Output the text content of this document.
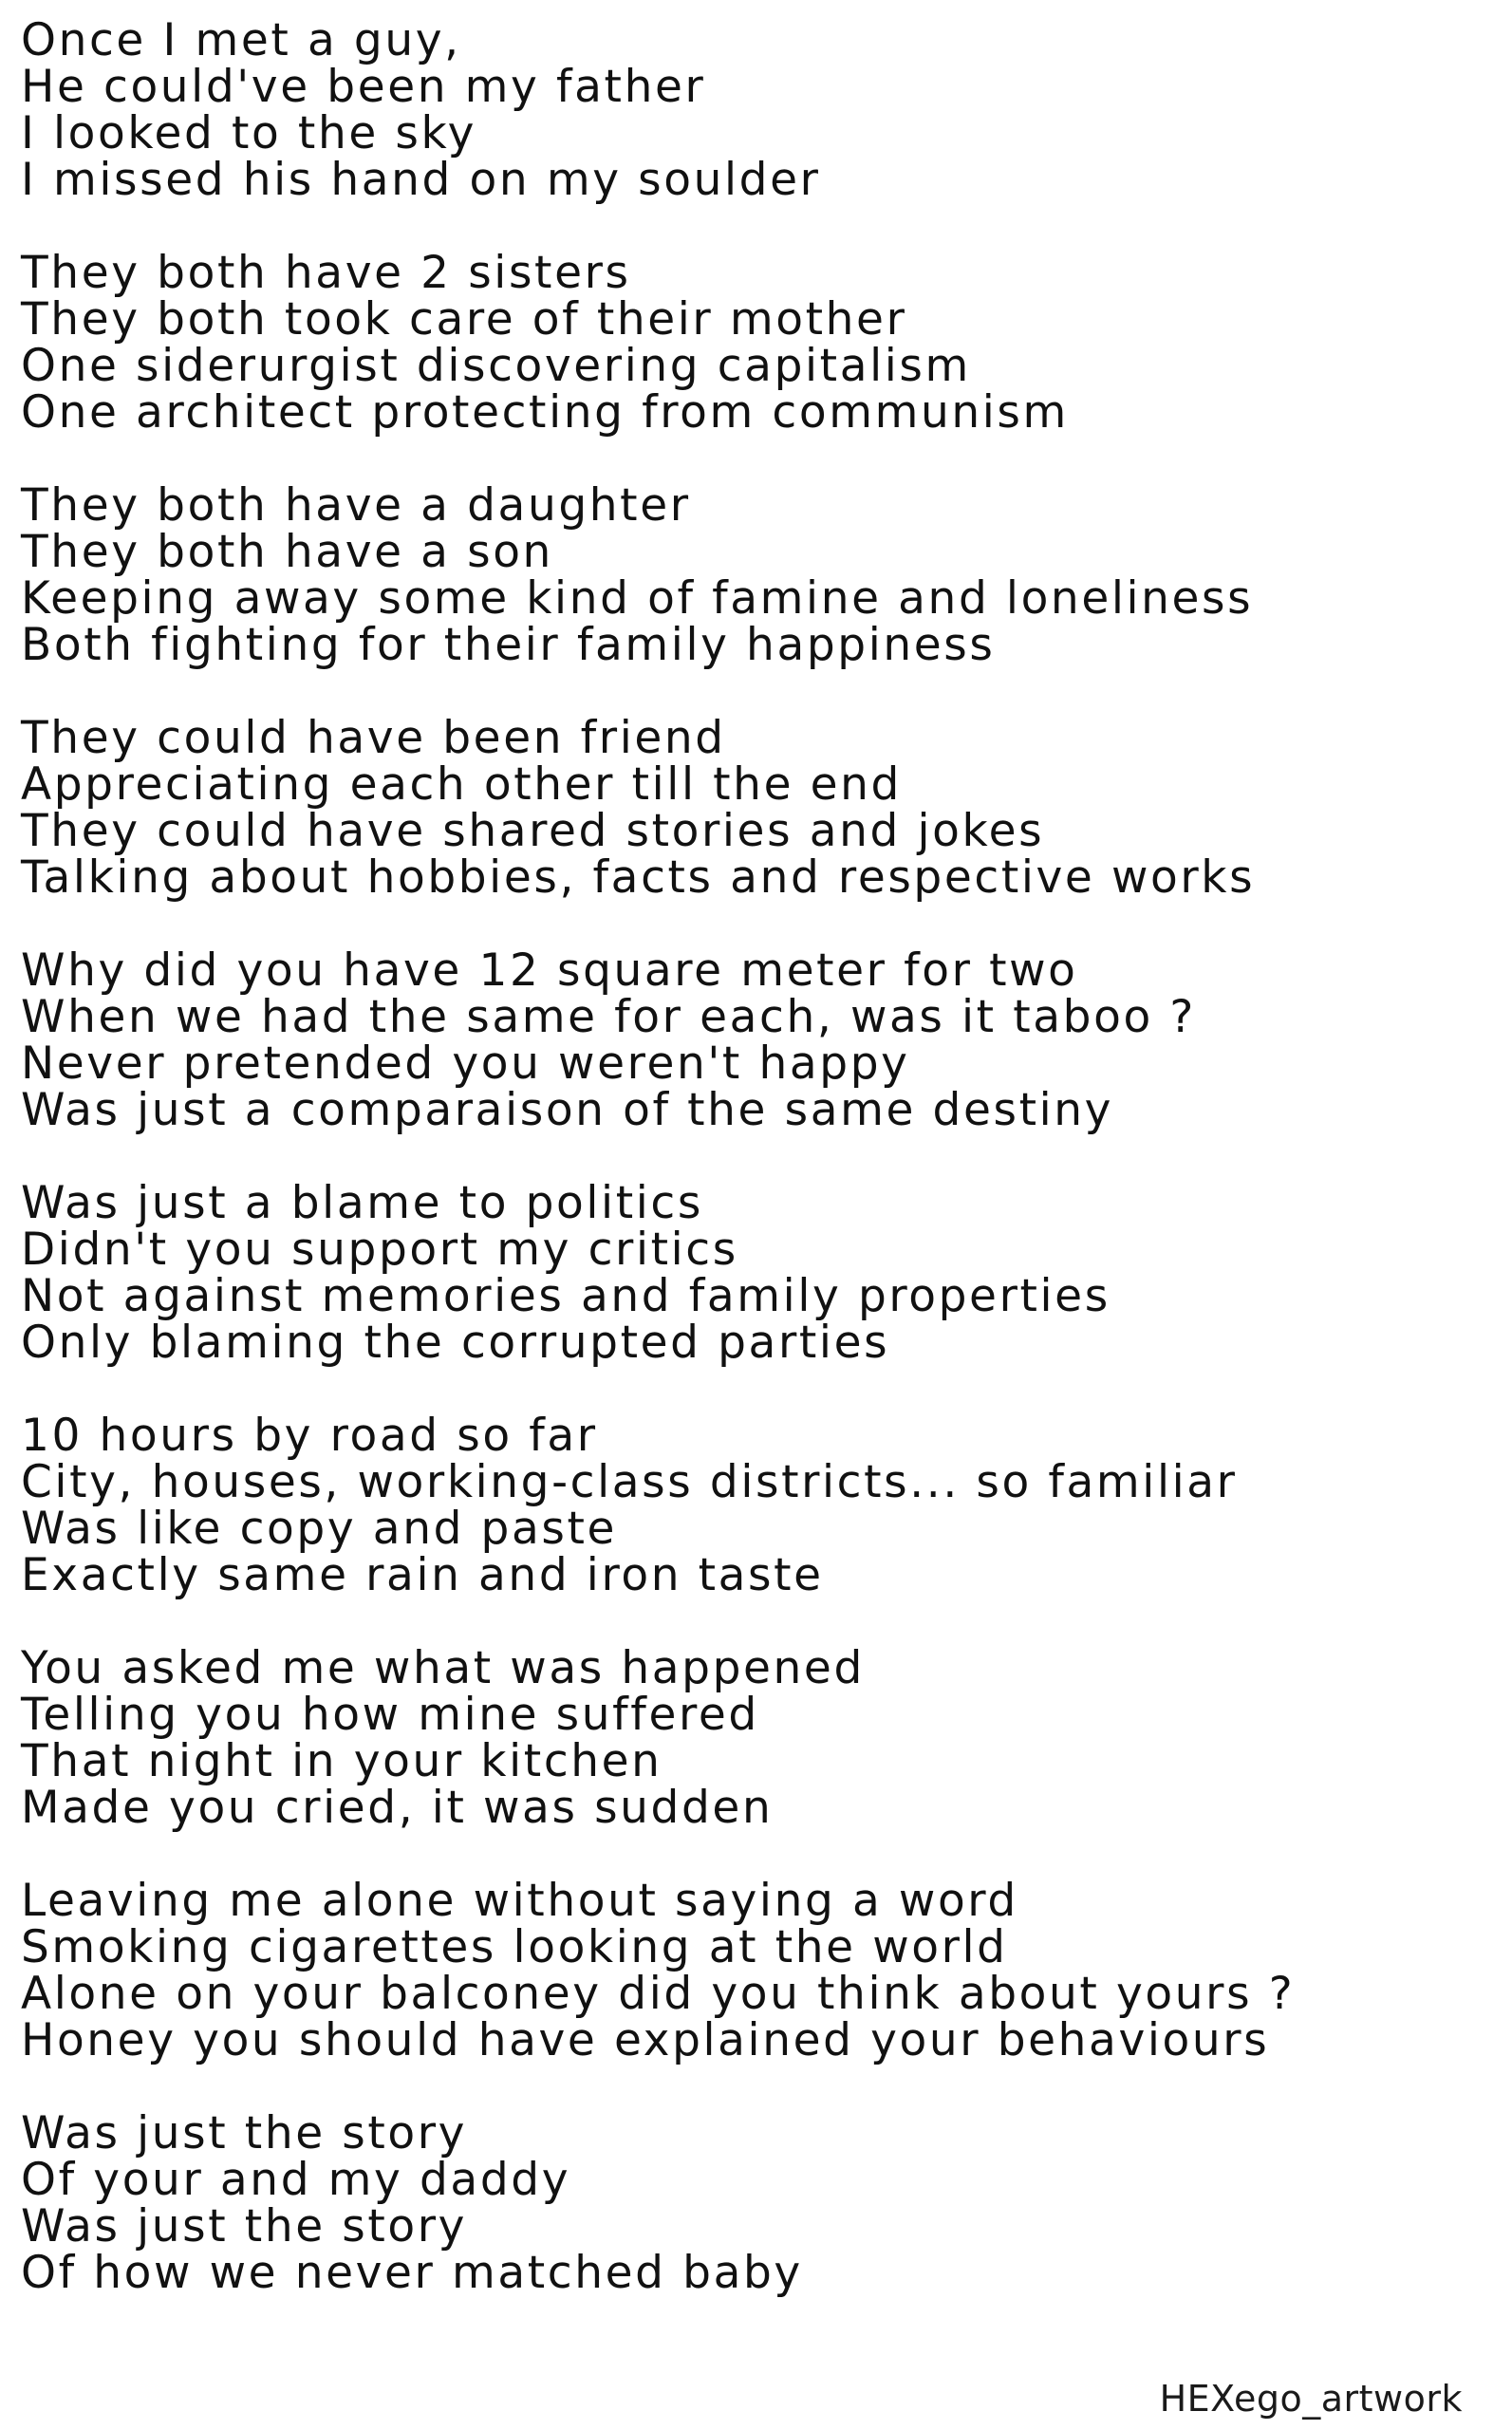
Once I met a guy,
He could've been my father
I looked to the sky
I missed his hand on my soulder
They both have 2 sisters
They both took care of their mother
One siderurgist discovering capitalism
One architect protecting from communism
They both have a daughter
They both have a son
Keeping away some kind of famine and loneliness
Both fighting for their family happiness
They could have been friend
Appreciating each other till the end
They could have shared stories and jokes
Talking about hobbies, facts and respective works
Why did you have 12 square meter for two
When we had the same for each, was it taboo ?
Never pretended you weren't happy
Was just a comparaison of the same destiny
Was just a blame to politics
Didn't you support my critics
Not against memories and family properties
Only blaming the corrupted parties
10 hours by road so far
City, houses, working-class districts... so familiar
Was like copy and paste
Exactly same rain and iron taste
You asked me what was happened
Telling you how mine suffered
That night in your kitchen
Made you cried, it was sudden
Leaving me alone without saying a word
Smoking cigarettes looking at the world
Alone on your balconey did you think about yours ?
Honey you should have explained your behaviours
Was just the story
Of your and my daddy
Was just the story
Of how we never matched baby
HEXego_artwork
